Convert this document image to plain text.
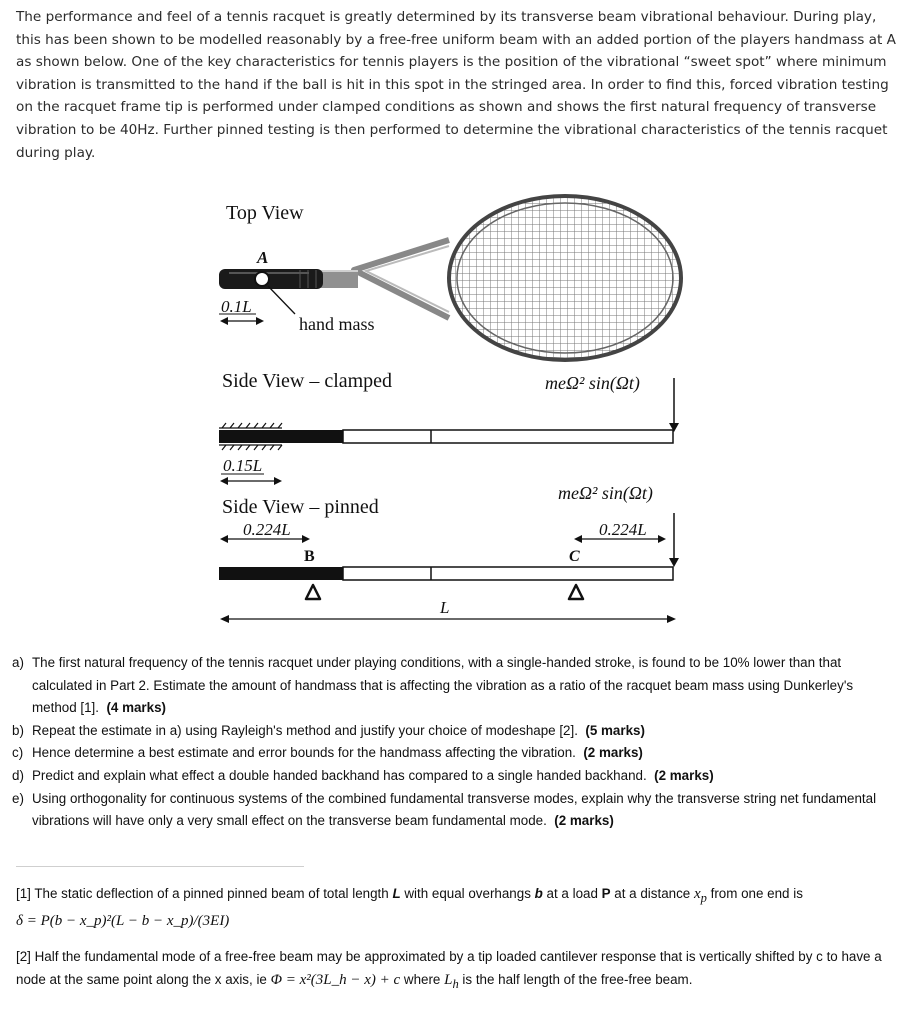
The performance and feel of a tennis racquet is greatly determined by its transverse beam vibrational behaviour. During play, this has been shown to be modelled reasonably by a free-free uniform beam with an added portion of the players handmass at A as shown below. One of the key characteristics for tennis players is the position of the vibrational “sweet spot” where minimum vibration is transmitted to the hand if the ball is hit in this spot in the stringed area. In order to find this, forced vibration testing on the racquet frame tip is performed under clamped conditions as shown and shows the first natural frequency of transverse vibration to be 40Hz. Further pinned testing is then performed to determine the vibrational characteristics of the tennis racquet during play.
Top View
A
0.1L
hand mass
Side View – clamped	meΩ² sin(Ωt)
0.15L
meΩ² sin(Ωt)
Side View – pinned
0.224L
B
0.224L
C
L
a) The first natural frequency of the tennis racquet under playing conditions, with a single-handed stroke, is found to be 10% lower than that calculated in Part 2. Estimate the amount of handmass that is affecting the vibration as a ratio of the racquet beam mass using Dunkerley's method [1]. (4 marks)
b) Repeat the estimate in a) using Rayleigh's method and justify your choice of modeshape [2]. (5 marks)
c) Hence determine a best estimate and error bounds for the handmass affecting the vibration. (2 marks)
d) Predict and explain what effect a double handed backhand has compared to a single handed backhand. (2 marks)
e) Using orthogonality for continuous systems of the combined fundamental transverse modes, explain why the transverse string net fundamental vibrations will have only a very small effect on the transverse beam fundamental mode. (2 marks)
[1] The static deflection of a pinned pinned beam of total length L with equal overhangs b at a load P at a distance $x_p$ from one end is
δ = P(b − x_p)²(L − b − x_p)/(3EI)
[2] Half the fundamental mode of a free-free beam may be approximated by a tip loaded cantilever response that is vertically shifted by c to have a node at the same point along the x axis, ie Φ = x²(3L_h − x) + c where $L_h$ is the half length of the free-free beam.
